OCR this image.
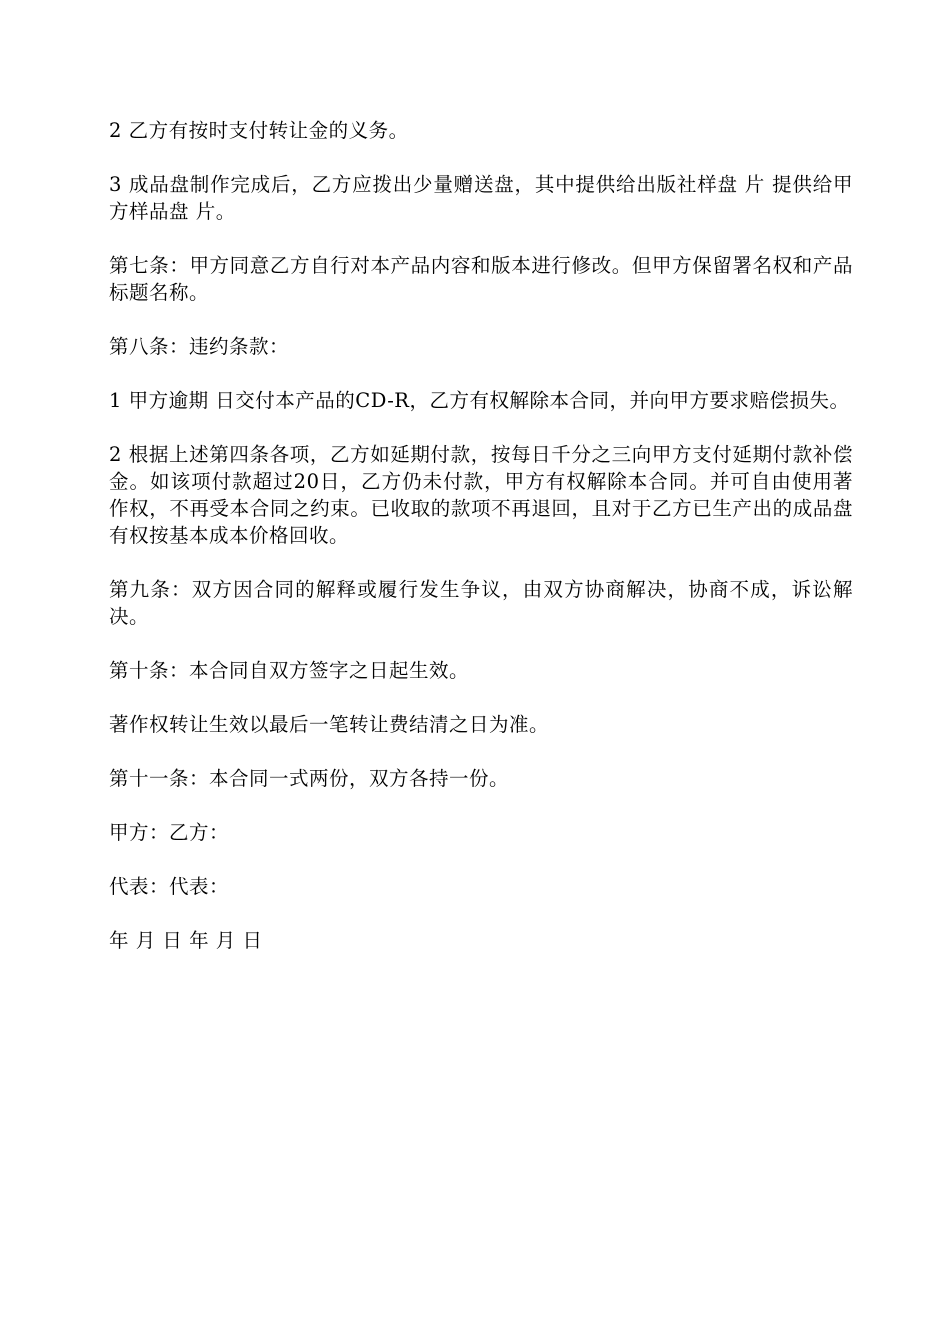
2 乙方有按时支付转让金的义务。

3 成品盘制作完成后，乙方应拨出少量赠送盘，其中提供给出版社样盘 片 提供给甲方样品盘 片。

第七条：甲方同意乙方自行对本产品内容和版本进行修改。但甲方保留署名权和产品标题名称。

第八条：违约条款：

1 甲方逾期 日交付本产品的CD-R，乙方有权解除本合同，并向甲方要求赔偿损失。

2 根据上述第四条各项，乙方如延期付款，按每日千分之三向甲方支付延期付款补偿金。如该项付款超过20日，乙方仍未付款，甲方有权解除本合同。并可自由使用著作权，不再受本合同之约束。已收取的款项不再退回，且对于乙方已生产出的成品盘有权按基本成本价格回收。

第九条：双方因合同的解释或履行发生争议，由双方协商解决，协商不成，诉讼解决。

第十条：本合同自双方签字之日起生效。

著作权转让生效以最后一笔转让费结清之日为准。

第十一条：本合同一式两份，双方各持一份。

甲方：乙方：

代表：代表：

年 月 日 年 月 日
